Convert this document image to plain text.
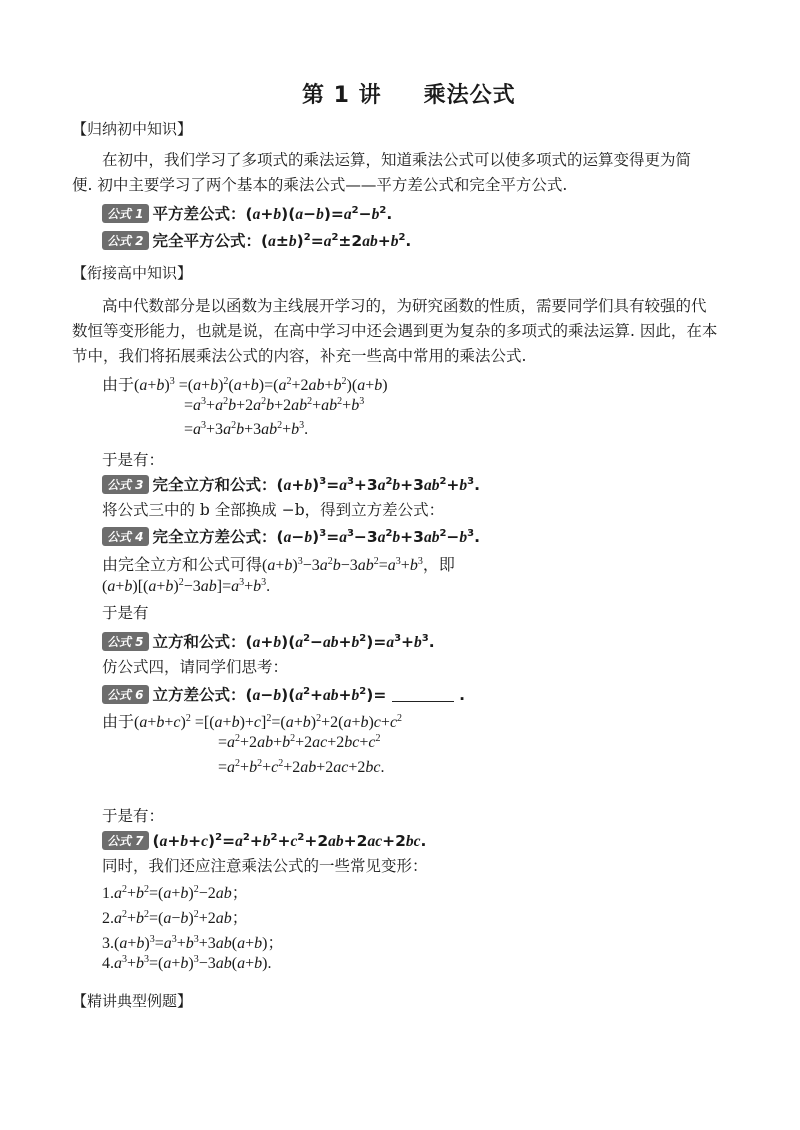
第 1 讲 乘法公式
【归纳初中知识】
在初中，我们学习了多项式的乘法运算，知道乘法公式可以使多项式的运算变得更为简
便. 初中主要学习了两个基本的乘法公式——平方差公式和完全平方公式.
公式 1 平方差公式：$(a+b)(a-b)=a^2-b^2$.
公式 2 完全平方公式：$(a\pm b)^2=a^2\pm 2ab+b^2$.
【衔接高中知识】
高中代数部分是以函数为主线展开学习的，为研究函数的性质，需要同学们具有较强的代
数恒等变形能力，也就是说，在高中学习中还会遇到更为复杂的多项式的乘法运算. 因此，在本
节中，我们将拓展乘法公式的内容，补充一些高中常用的乘法公式.
由于$(a+b)^3 =(a+b)^2(a+b)=(a^2+2ab+b^2)(a+b)$
$=a^3+a^2b+2a^2b+2ab^2+ab^2+b^3$
$=a^3+3a^2b+3ab^2+b^3$.
于是有：
公式 3 完全立方和公式：$(a+b)^3=a^3+3a^2b+3ab^2+b^3$.
将公式三中的 b 全部换成 −b，得到立方差公式：
公式 4 完全立方差公式：$(a-b)^3=a^3-3a^2b+3ab^2-b^3$.
由完全立方和公式可得$(a+b)^3-3a^2b-3ab^2=a^3+b^3$，即
$(a+b)[(a+b)^2-3ab]=a^3+b^3$.
于是有
公式 5 立方和公式：$(a+b)(a^2-ab+b^2)=a^3+b^3$.
仿公式四，请同学们思考：
公式 6 立方差公式：$(a-b)(a^2+ab+b^2)=$	.
由于$(a+b+c)^2 =[(a+b)+c]^2=(a+b)^2+2(a+b)c+c^2$
$=a^2+2ab+b^2+2ac+2bc+c^2$
$=a^2+b^2+c^2+2ab+2ac+2bc$.
于是有：
公式 7 $(a+b+c)^2=a^2+b^2+c^2+2ab+2ac+2bc$.
同时，我们还应注意乘法公式的一些常见变形：
$1.a^2+b^2=(a+b)^2-2ab$；
$2.a^2+b^2=(a-b)^2+2ab$；
$3.(a+b)^3=a^3+b^3+3ab(a+b)$；
$4.a^3+b^3=(a+b)^3-3ab(a+b)$.
【精讲典型例题】
